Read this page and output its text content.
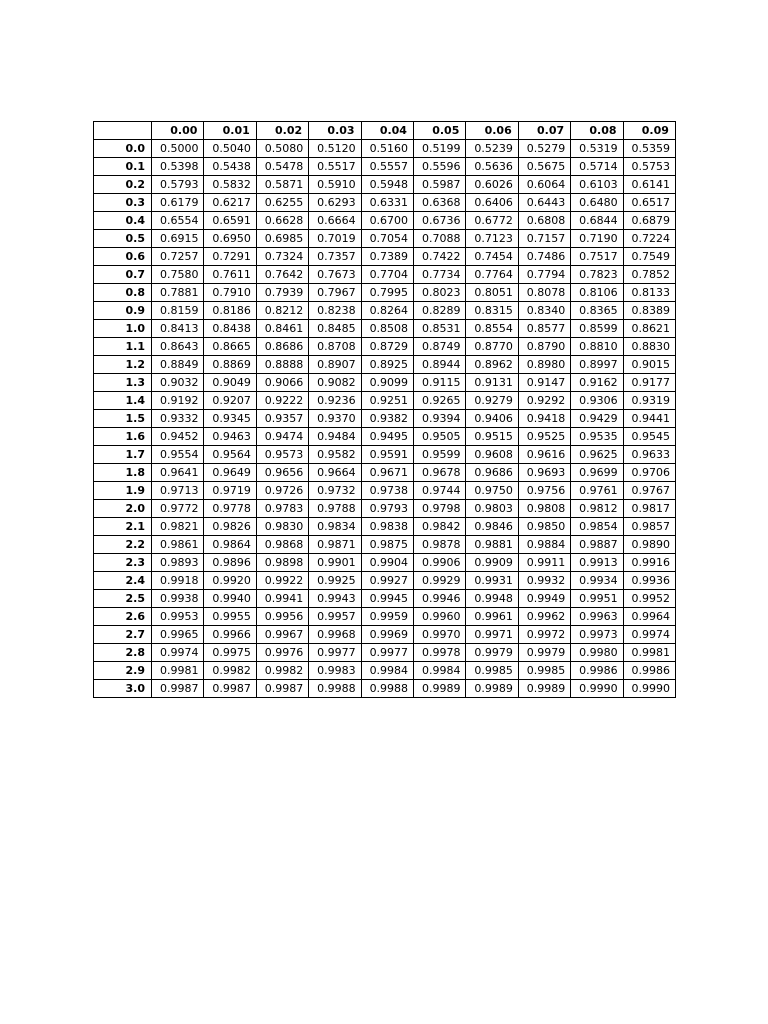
	0.00	0.01	0.02	0.03	0.04	0.05	0.06	0.07	0.08	0.09
0.0	0.5000	0.5040	0.5080	0.5120	0.5160	0.5199	0.5239	0.5279	0.5319	0.5359
0.1	0.5398	0.5438	0.5478	0.5517	0.5557	0.5596	0.5636	0.5675	0.5714	0.5753
0.2	0.5793	0.5832	0.5871	0.5910	0.5948	0.5987	0.6026	0.6064	0.6103	0.6141
0.3	0.6179	0.6217	0.6255	0.6293	0.6331	0.6368	0.6406	0.6443	0.6480	0.6517
0.4	0.6554	0.6591	0.6628	0.6664	0.6700	0.6736	0.6772	0.6808	0.6844	0.6879
0.5	0.6915	0.6950	0.6985	0.7019	0.7054	0.7088	0.7123	0.7157	0.7190	0.7224
0.6	0.7257	0.7291	0.7324	0.7357	0.7389	0.7422	0.7454	0.7486	0.7517	0.7549
0.7	0.7580	0.7611	0.7642	0.7673	0.7704	0.7734	0.7764	0.7794	0.7823	0.7852
0.8	0.7881	0.7910	0.7939	0.7967	0.7995	0.8023	0.8051	0.8078	0.8106	0.8133
0.9	0.8159	0.8186	0.8212	0.8238	0.8264	0.8289	0.8315	0.8340	0.8365	0.8389
1.0	0.8413	0.8438	0.8461	0.8485	0.8508	0.8531	0.8554	0.8577	0.8599	0.8621
1.1	0.8643	0.8665	0.8686	0.8708	0.8729	0.8749	0.8770	0.8790	0.8810	0.8830
1.2	0.8849	0.8869	0.8888	0.8907	0.8925	0.8944	0.8962	0.8980	0.8997	0.9015
1.3	0.9032	0.9049	0.9066	0.9082	0.9099	0.9115	0.9131	0.9147	0.9162	0.9177
1.4	0.9192	0.9207	0.9222	0.9236	0.9251	0.9265	0.9279	0.9292	0.9306	0.9319
1.5	0.9332	0.9345	0.9357	0.9370	0.9382	0.9394	0.9406	0.9418	0.9429	0.9441
1.6	0.9452	0.9463	0.9474	0.9484	0.9495	0.9505	0.9515	0.9525	0.9535	0.9545
1.7	0.9554	0.9564	0.9573	0.9582	0.9591	0.9599	0.9608	0.9616	0.9625	0.9633
1.8	0.9641	0.9649	0.9656	0.9664	0.9671	0.9678	0.9686	0.9693	0.9699	0.9706
1.9	0.9713	0.9719	0.9726	0.9732	0.9738	0.9744	0.9750	0.9756	0.9761	0.9767
2.0	0.9772	0.9778	0.9783	0.9788	0.9793	0.9798	0.9803	0.9808	0.9812	0.9817
2.1	0.9821	0.9826	0.9830	0.9834	0.9838	0.9842	0.9846	0.9850	0.9854	0.9857
2.2	0.9861	0.9864	0.9868	0.9871	0.9875	0.9878	0.9881	0.9884	0.9887	0.9890
2.3	0.9893	0.9896	0.9898	0.9901	0.9904	0.9906	0.9909	0.9911	0.9913	0.9916
2.4	0.9918	0.9920	0.9922	0.9925	0.9927	0.9929	0.9931	0.9932	0.9934	0.9936
2.5	0.9938	0.9940	0.9941	0.9943	0.9945	0.9946	0.9948	0.9949	0.9951	0.9952
2.6	0.9953	0.9955	0.9956	0.9957	0.9959	0.9960	0.9961	0.9962	0.9963	0.9964
2.7	0.9965	0.9966	0.9967	0.9968	0.9969	0.9970	0.9971	0.9972	0.9973	0.9974
2.8	0.9974	0.9975	0.9976	0.9977	0.9977	0.9978	0.9979	0.9979	0.9980	0.9981
2.9	0.9981	0.9982	0.9982	0.9983	0.9984	0.9984	0.9985	0.9985	0.9986	0.9986
3.0	0.9987	0.9987	0.9987	0.9988	0.9988	0.9989	0.9989	0.9989	0.9990	0.9990
